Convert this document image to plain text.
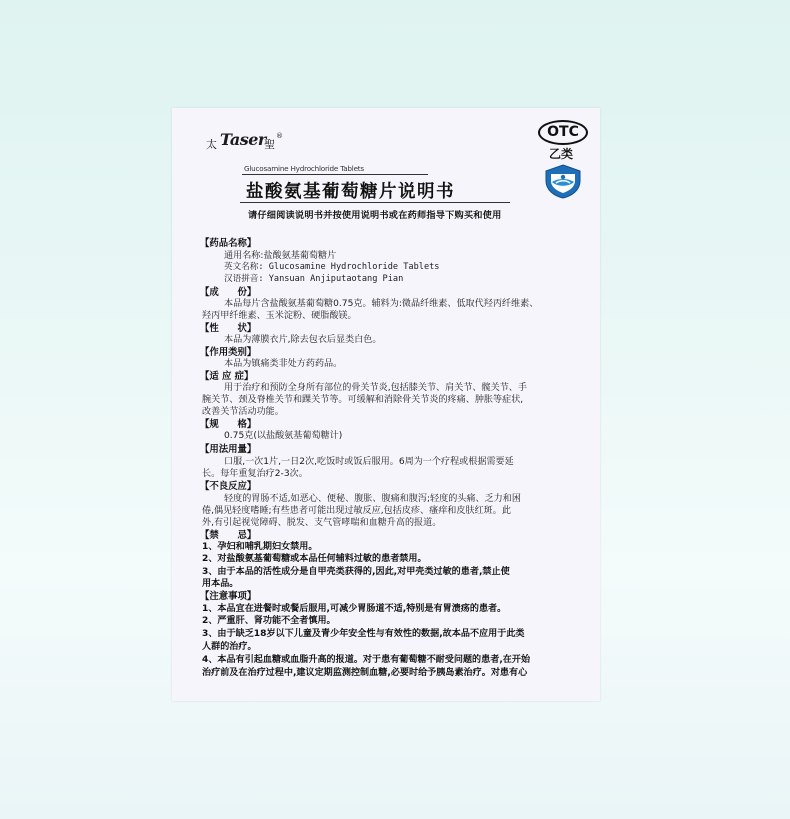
太 Taser
聖
®	OTC
乙类
Glucosamine Hydrochloride Tablets
盐酸氨基葡萄糖片说明书
请仔细阅读说明书并按使用说明书或在药师指导下购买和使用
【药品名称】
通用名称:盐酸氨基葡萄糖片
英文名称: Glucosamine Hydrochloride Tablets
汉语拼音: Yansuan Anjiputaotang Pian
【成　　份】
本品每片含盐酸氨基葡萄糖0.75克。辅料为:微晶纤维素、低取代羟丙纤维素、
羟丙甲纤维素、玉米淀粉、硬脂酸镁。
【性　　状】
本品为薄膜衣片,除去包衣后显类白色。
【作用类别】
本品为镇痛类非处方药药品。
【适 应 症】
用于治疗和预防全身所有部位的骨关节炎,包括膝关节、肩关节、髋关节、手
腕关节、颈及脊椎关节和踝关节等。可缓解和消除骨关节炎的疼痛、肿胀等症状,
改善关节活动功能。
【规　　格】
0.75克(以盐酸氨基葡萄糖计)
【用法用量】
口服,一次1片,一日2次,吃饭时或饭后服用。6周为一个疗程或根据需要延
长。每年重复治疗2-3次。
【不良反应】
轻度的胃肠不适,如恶心、便秘、腹胀、腹痛和腹泻;轻度的头痛、乏力和困
倦,偶见轻度嗜睡;有些患者可能出现过敏反应,包括皮疹、瘙痒和皮肤红斑。此
外,有引起视觉障碍、脱发、支气管哮喘和血糖升高的报道。
【禁　　忌】
1、孕妇和哺乳期妇女禁用。
2、对盐酸氨基葡萄糖或本品任何辅料过敏的患者禁用。
3、由于本品的活性成分是自甲壳类获得的,因此,对甲壳类过敏的患者,禁止使
用本品。
【注意事项】
1、本品宜在进餐时或餐后服用,可减少胃肠道不适,特别是有胃溃疡的患者。
2、严重肝、肾功能不全者慎用。
3、由于缺乏18岁以下儿童及青少年安全性与有效性的数据,故本品不应用于此类
人群的治疗。
4、本品有引起血糖或血脂升高的报道。对于患有葡萄糖不耐受问题的患者,在开始
治疗前及在治疗过程中,建议定期监测控制血糖,必要时给予胰岛素治疗。对患有心
